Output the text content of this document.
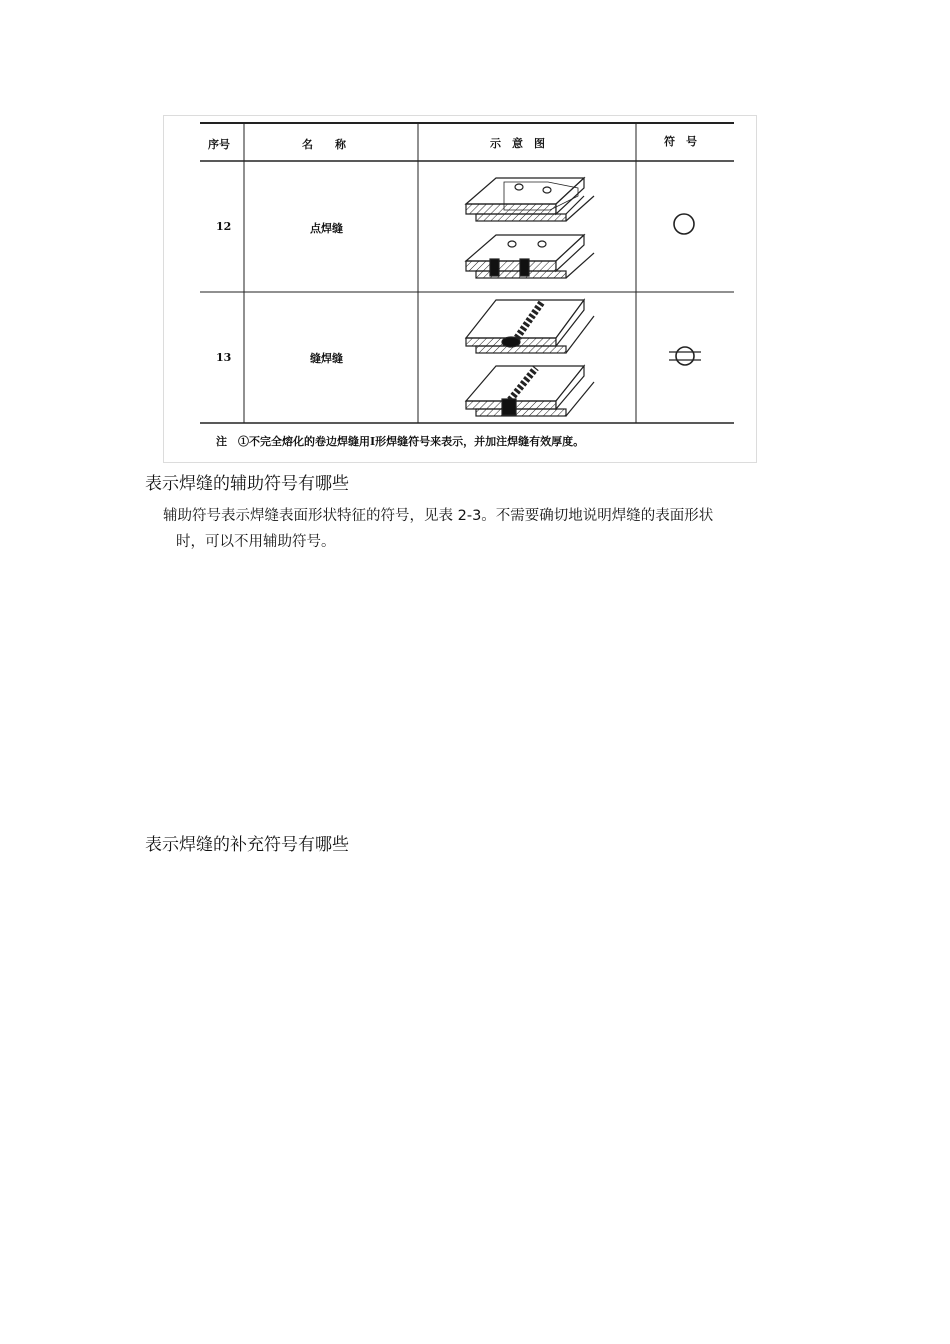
序号	名　　称	示　意　图	符　号
12	点焊缝
13	缝焊缝
注　①不完全熔化的卷边焊缝用Ⅰ形焊缝符号来表示，并加注焊缝有效厚度。
表示焊缝的辅助符号有哪些
辅助符号表示焊缝表面形状特征的符号，见表 2-3。不需要确切地说明焊缝的表面形状
时，可以不用辅助符号。
表示焊缝的补充符号有哪些
